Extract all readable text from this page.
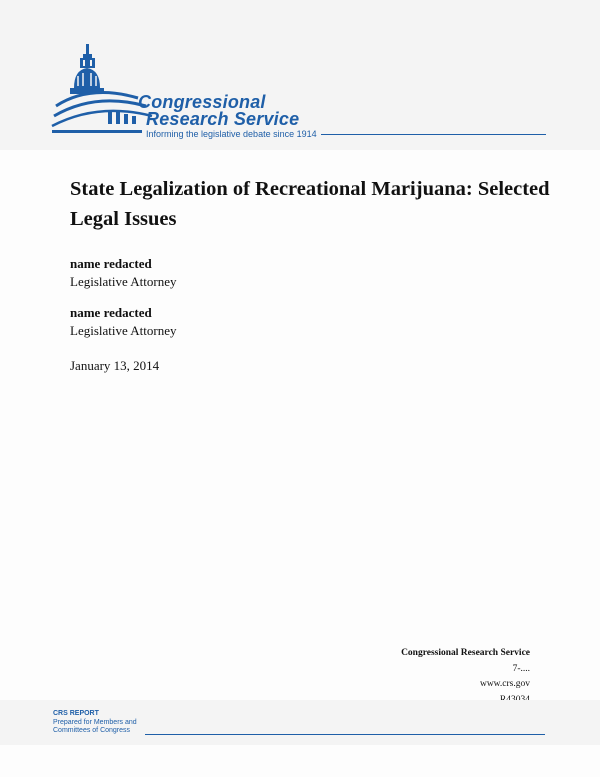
Congressional
Research Service
Informing the legislative debate since 1914
State Legalization of Recreational Marijuana: Selected Legal Issues
name redacted
Legislative Attorney
name redacted
Legislative Attorney
January 13, 2014
Congressional Research Service
7-....
www.crs.gov
CRS REPORT
Prepared for Members and
Committees of Congress
